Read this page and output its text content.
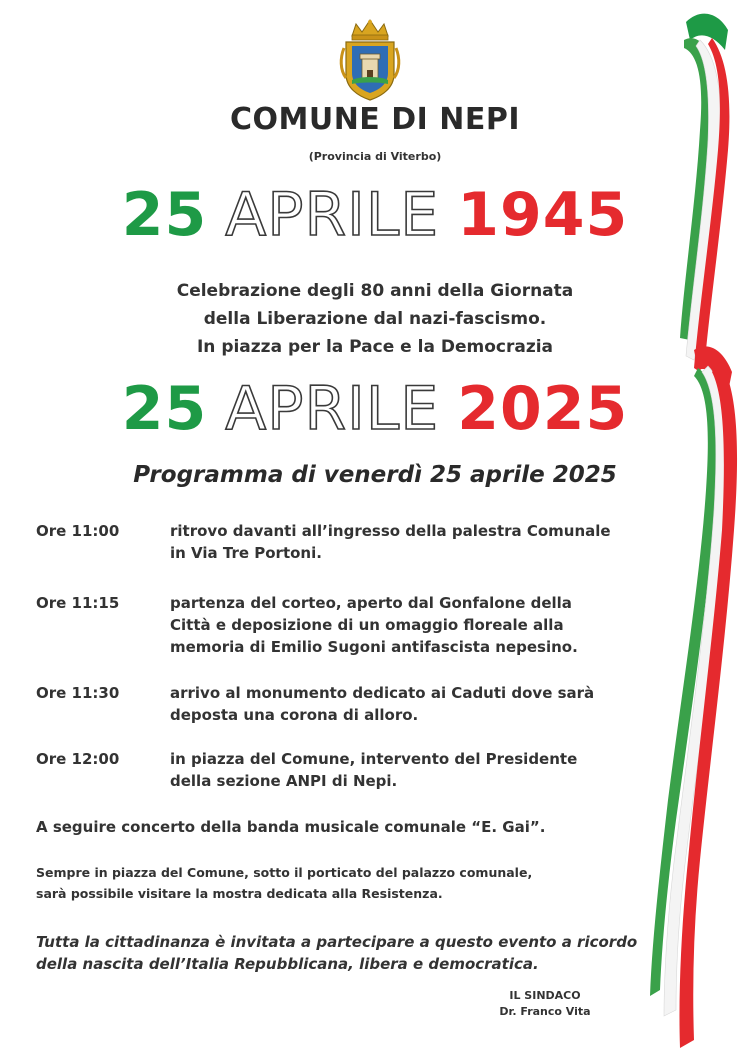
COMUNE DI NEPI
(Provincia di Viterbo)
25 APRILE 1945
Celebrazione degli 80 anni della Giornata
della Liberazione dal nazi-fascismo.
In piazza per la Pace e la Democrazia
25 APRILE 2025
Programma di venerdì 25 aprile 2025
Ore 11:00	ritrovo davanti all’ingresso della palestra Comunale
in Via Tre Portoni.
Ore 11:15	partenza del corteo, aperto dal Gonfalone della
Città e deposizione di un omaggio floreale alla
memoria di Emilio Sugoni antifascista nepesino.
Ore 11:30	arrivo al monumento dedicato ai Caduti dove sarà
deposta una corona di alloro.
Ore 12:00	in piazza del Comune, intervento del Presidente
della sezione ANPI di Nepi.
A seguire concerto della banda musicale comunale “E. Gai”.
Sempre in piazza del Comune, sotto il porticato del palazzo comunale,
sarà possibile visitare la mostra dedicata alla Resistenza.
Tutta la cittadinanza è invitata a partecipare a questo evento a ricordo
della nascita dell’Italia Repubblicana, libera e democratica.
IL SINDACO
Dr. Franco Vita
